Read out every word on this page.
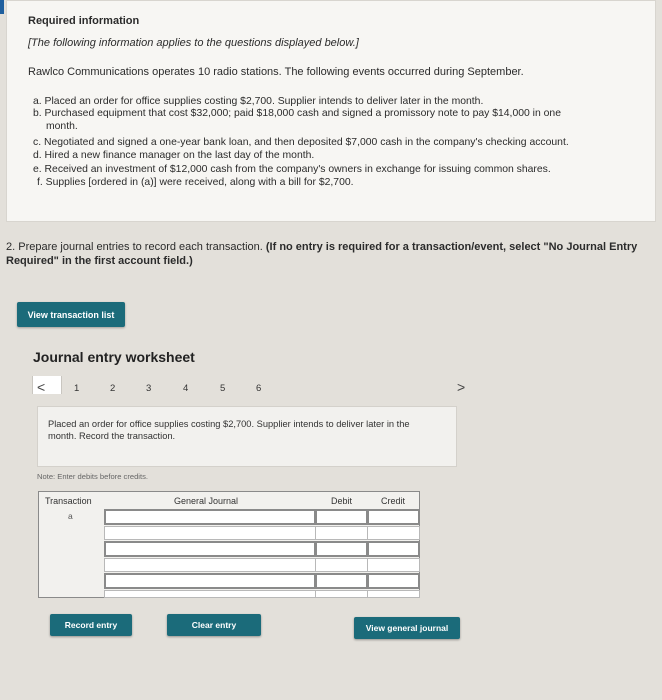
Required information
[The following information applies to the questions displayed below.]
Rawlco Communications operates 10 radio stations. The following events occurred during September.
a. Placed an order for office supplies costing $2,700. Supplier intends to deliver later in the month.
b. Purchased equipment that cost $32,000; paid $18,000 cash and signed a promissory note to pay $14,000 in one
month.
c. Negotiated and signed a one-year bank loan, and then deposited $7,000 cash in the company's checking account.
d. Hired a new finance manager on the last day of the month.
e. Received an investment of $12,000 cash from the company's owners in exchange for issuing common shares.
f. Supplies [ordered in (a)] were received, along with a bill for $2,700.
2. Prepare journal entries to record each transaction. (If no entry is required for a transaction/event, select "No Journal Entry Required" in the first account field.)
View transaction list
Journal entry worksheet
<	1	2	3	4	5	6	>
Placed an order for office supplies costing $2,700. Supplier intends to deliver later in the month. Record the transaction.
Note: Enter debits before credits.
Transaction	General Journal	Debit	Credit
a
Record entry	Clear entry	View general journal
